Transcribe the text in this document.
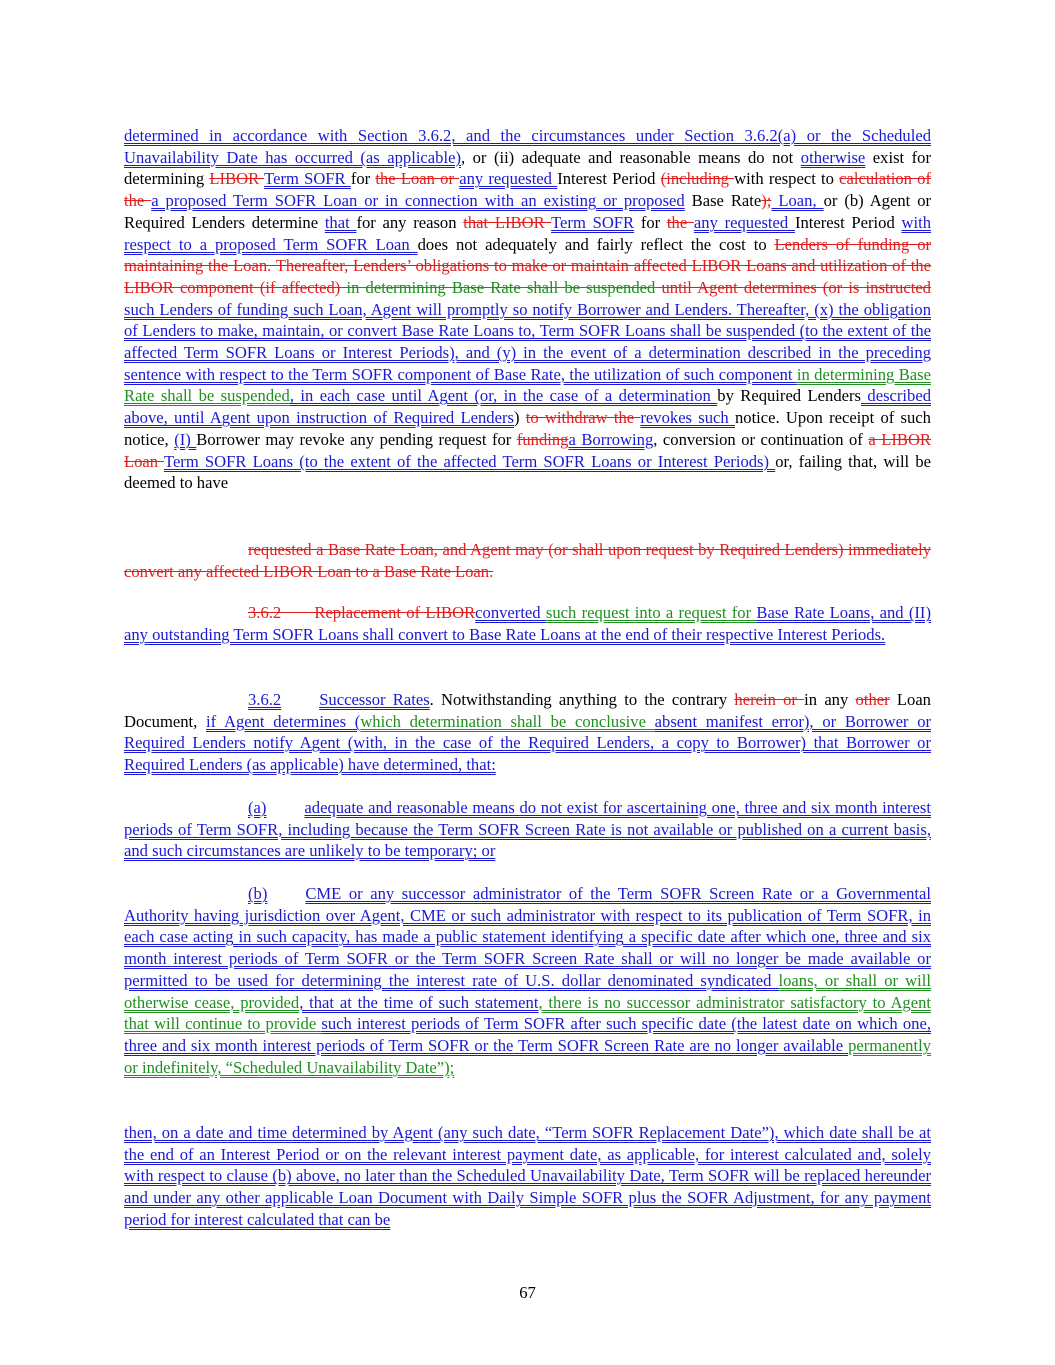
determined in accordance with Section 3.6.2, and the circumstances under Section 3.6.2(a) or the Scheduled Unavailability Date has occurred (as applicable), or (ii) adequate and reasonable means do not otherwise exist for determining LIBOR Term SOFR for the Loan or any requested Interest Period (including with respect to calculation of the a proposed Term SOFR Loan or in connection with an existing or proposed Base Rate); Loan, or (b) Agent or Required Lenders determine that for any reason that LIBOR Term SOFR for the any requested Interest Period with respect to a proposed Term SOFR Loan does not adequately and fairly reflect the cost to Lenders of funding or maintaining the Loan. Thereafter, Lenders’ obligations to make or maintain affected LIBOR Loans and utilization of the LIBOR component (if affected) in determining Base Rate shall be suspended until Agent determines (or is instructed such Lenders of funding such Loan, Agent will promptly so notify Borrower and Lenders. Thereafter, (x) the obligation of Lenders to make, maintain, or convert Base Rate Loans to, Term SOFR Loans shall be suspended (to the extent of the affected Term SOFR Loans or Interest Periods), and (y) in the event of a determination described in the preceding sentence with respect to the Term SOFR component of Base Rate, the utilization of such component in determining Base Rate shall be suspended, in each case until Agent (or, in the case of a determination by Required Lenders described above, until Agent upon instruction of Required Lenders) to withdraw the revokes such notice. Upon receipt of such notice, (I) Borrower may revoke any pending request for fundinga Borrowing, conversion or continuation of a LIBOR Loan Term SOFR Loans (to the extent of the affected Term SOFR Loans or Interest Periods) or, failing that, will be deemed to have

requested a Base Rate Loan, and Agent may (or shall upon request by Required Lenders) immediately convert any affected LIBOR Loan to a Base Rate Loan.

3.6.2  Replacement of LIBORconverted such request into a request for Base Rate Loans, and (II) any outstanding Term SOFR Loans shall convert to Base Rate Loans at the end of their respective Interest Periods.

3.6.2 Successor Rates. Notwithstanding anything to the contrary herein or in any other Loan Document, if Agent determines (which determination shall be conclusive absent manifest error), or Borrower or Required Lenders notify Agent (with, in the case of the Required Lenders, a copy to Borrower) that Borrower or Required Lenders (as applicable) have determined, that:

(a) adequate and reasonable means do not exist for ascertaining one, three and six month interest periods of Term SOFR, including because the Term SOFR Screen Rate is not available or published on a current basis, and such circumstances are unlikely to be temporary; or

(b) CME or any successor administrator of the Term SOFR Screen Rate or a Governmental Authority having jurisdiction over Agent, CME or such administrator with respect to its publication of Term SOFR, in each case acting in such capacity, has made a public statement identifying a specific date after which one, three and six month interest periods of Term SOFR or the Term SOFR Screen Rate shall or will no longer be made available or permitted to be used for determining the interest rate of U.S. dollar denominated syndicated loans, or shall or will otherwise cease, provided, that at the time of such statement, there is no successor administrator satisfactory to Agent that will continue to provide such interest periods of Term SOFR after such specific date (the latest date on which one, three and six month interest periods of Term SOFR or the Term SOFR Screen Rate are no longer available permanently or indefinitely, “Scheduled Unavailability Date”);

then, on a date and time determined by Agent (any such date, “Term SOFR Replacement Date”), which date shall be at the end of an Interest Period or on the relevant interest payment date, as applicable, for interest calculated and, solely with respect to clause (b) above, no later than the Scheduled Unavailability Date, Term SOFR will be replaced hereunder and under any other applicable Loan Document with Daily Simple SOFR plus the SOFR Adjustment, for any payment period for interest calculated that can be

67
